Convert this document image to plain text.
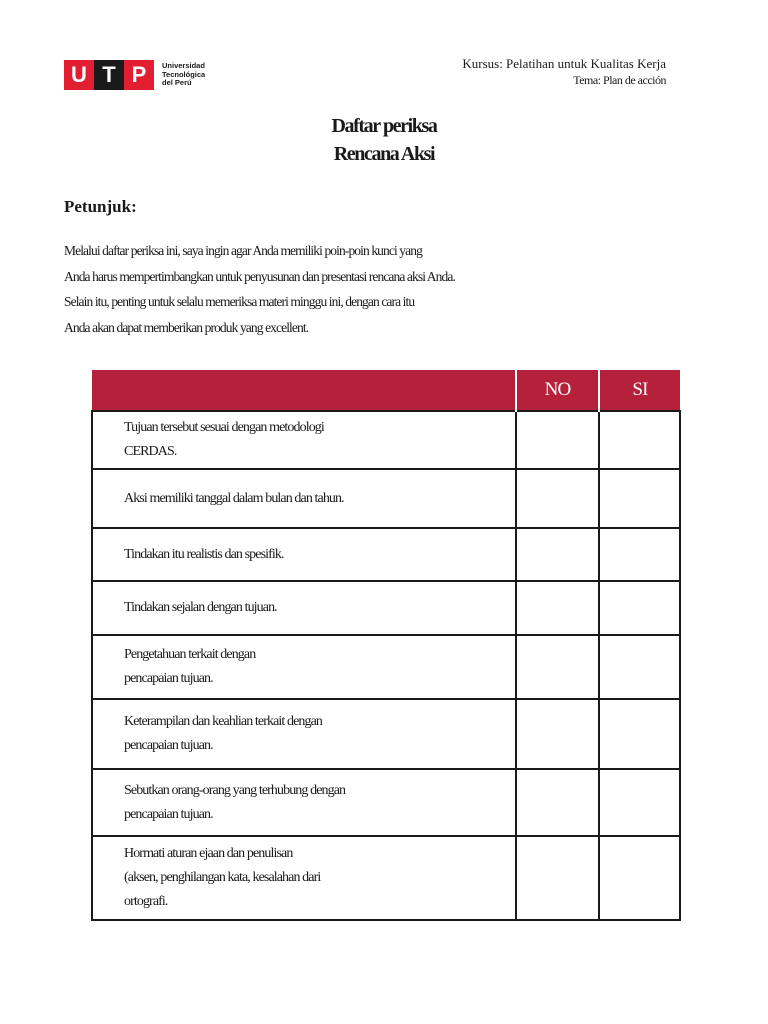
U T P	Universidad
Tecnológica
del Perú
Kursus: Pelatihan untuk Kualitas Kerja
Tema: Plan de acción
Daftar periksa
Rencana Aksi
Petunjuk:
Melalui daftar periksa ini, saya ingin agar Anda memiliki poin-poin kunci yang
Anda harus mempertimbangkan untuk penyusunan dan presentasi rencana aksi Anda.
Selain itu, penting untuk selalu memeriksa materi minggu ini, dengan cara itu
Anda akan dapat memberikan produk yang excellent.
	NO	SI

Tujuan tersebut sesuai dengan metodologi
CERDAS.		

Aksi memiliki tanggal dalam bulan dan tahun.		

Tindakan itu realistis dan spesifik.		

Tindakan sejalan dengan tujuan.		

Pengetahuan terkait dengan
pencapaian tujuan.		

Keterampilan dan keahlian terkait dengan
pencapaian tujuan.		

Sebutkan orang-orang yang terhubung dengan
pencapaian tujuan.		

Hormati aturan ejaan dan penulisan
(aksen, penghilangan kata, kesalahan dari
ortografi.		
